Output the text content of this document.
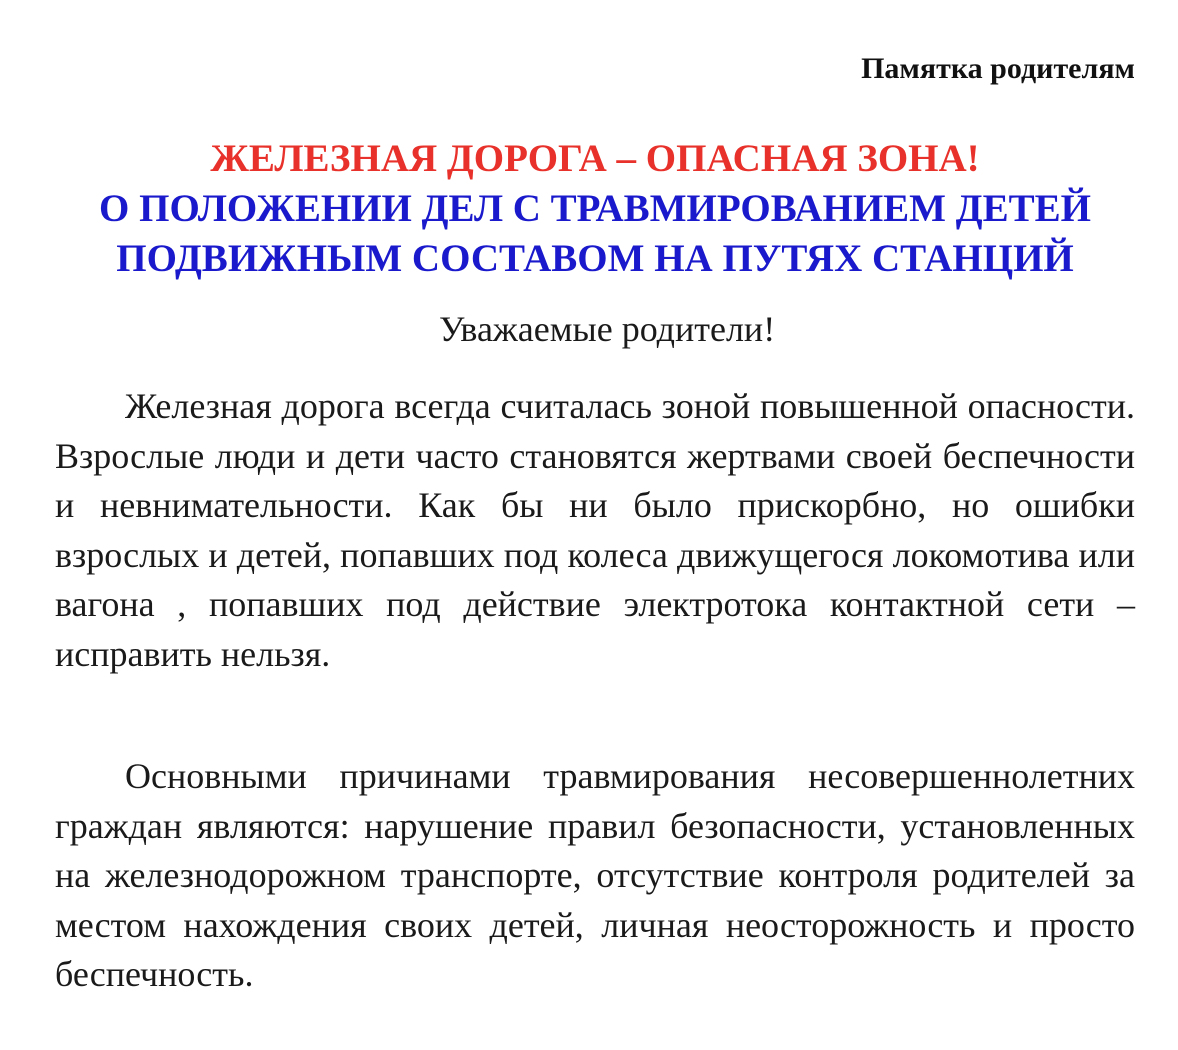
Памятка родителям
ЖЕЛЕЗНАЯ ДОРОГА – ОПАСНАЯ ЗОНА!
О ПОЛОЖЕНИИ ДЕЛ С ТРАВМИРОВАНИЕМ ДЕТЕЙ
ПОДВИЖНЫМ СОСТАВОМ НА ПУТЯХ СТАНЦИЙ
Уважаемые родители!

Железная дорога всегда считалась зоной повышенной опасности. Взрослые люди и дети часто становятся жертвами своей беспечности и невнимательности. Как бы ни было прискорбно, но ошибки взрослых и детей, попавших под колеса движущегося локомотива или вагона , попавших под действие электротока контактной сети – исправить нельзя.

Основными причинами травмирования несовершеннолетних граждан являются: нарушение правил безопасности, установленных на железнодорожном транспорте, отсутствие контроля родителей за местом нахождения своих детей, личная неосторожность и просто беспечность.
